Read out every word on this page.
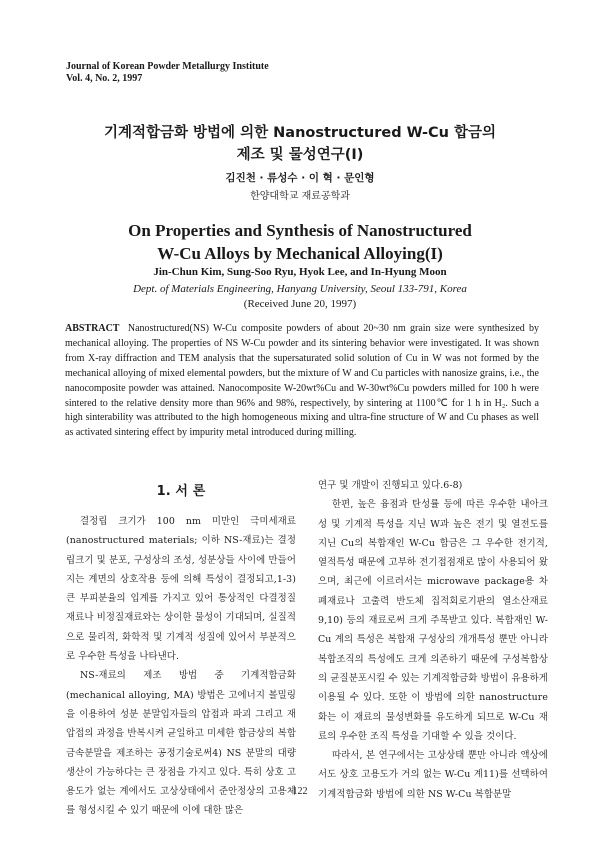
Journal of Korean Powder Metallurgy Institute
Vol. 4, No. 2, 1997
기계적합금화 방법에 의한 Nanostructured W-Cu 합금의
제조 및 물성연구(I)
김진천 · 류성수 · 이 혁 · 문인형
한양대학교 재료공학과
On Properties and Synthesis of Nanostructured
W-Cu Alloys by Mechanical Alloying(I)
Jin-Chun Kim, Sung-Soo Ryu, Hyok Lee, and In-Hyung Moon
Dept. of Materials Engineering, Hanyang University, Seoul 133-791, Korea
(Received June 20, 1997)
ABSTRACT Nanostructured(NS) W-Cu composite powders of about 20~30 nm grain size were synthesized by mechanical alloying. The properties of NS W-Cu powder and its sintering behavior were investigated. It was shown from X-ray diffraction and TEM analysis that the supersaturated solid solution of Cu in W was not formed by the mechanical alloying of mixed elemental powders, but the mixture of W and Cu particles with nanosize grains, i.e., the nanocomposite powder was attained. Nanocomposite W-20wt%Cu and W-30wt%Cu powders milled for 100 h were sintered to the relative density more than 96% and 98%, respectively, by sintering at 1100℃ for 1 h in H₂. Such a high sinterability was attributed to the high homogeneous mixing and ultra-fine structure of W and Cu phases as well as activated sintering effect by impurity metal introduced during milling.
1. 서 론

결정립 크기가 100 nm 미만인 극미세재료(nanostructured materials; 이하 NS-재료)는 결정립크기 및 분포, 구성상의 조성, 성분상들 사이에 만들어지는 계면의 상호작용 등에 의해 특성이 결정되고,1-3) 큰 부피분율의 입계를 가지고 있어 통상적인 다결정질 재료나 비정질재료와는 상이한 물성이 기대되며, 실질적으로 물리적, 화학적 및 기계적 성질에 있어서 부분적으로 우수한 특성을 나타낸다.

NS-재료의 제조 방법 중 기계적합금화(mechanical alloying, MA) 방법은 고에너지 볼밀링을 이용하여 성분 분말입자들의 압접과 파괴 그리고 재압접의 과정을 반복시켜 균일하고 미세한 합금상의 복합금속분말을 제조하는 공정기술로써4) NS 분말의 대량 생산이 가능하다는 큰 장점을 가지고 있다. 특히 상호 고용도가 없는 계에서도 고상상태에서 준안정상의 고용체를 형성시킬 수 있기 때문에 이에 대한 많은

연구 및 개발이 진행되고 있다.6-8)

한편, 높은 융점과 탄성률 등에 따른 우수한 내아크성 및 기계적 특성을 지닌 W과 높은 전기 및 열전도를 지닌 Cu의 복합재인 W-Cu 합금은 그 우수한 전기적, 열적특성 때문에 고부하 전기접점재로 많이 사용되어 왔으며, 최근에 이르러서는 microwave package용 차폐재료나 고출력 반도체 집적회로기판의 열소산재료9,10) 등의 재료로써 크게 주목받고 있다. 복합재인 W-Cu 계의 특성은 복합재 구성상의 개개특성 뿐만 아니라 복합조직의 특성에도 크게 의존하기 때문에 구성복합상의 균질분포시킬 수 있는 기계적합금화 방법이 유용하게 이용될 수 있다. 또한 이 방법에 의한 nanostructure화는 이 재료의 물성변화를 유도하게 되므로 W-Cu 재료의 우수한 조직 특성을 기대할 수 있을 것이다.

따라서, 본 연구에서는 고상상태 뿐만 아니라 액상에서도 상호 고용도가 거의 없는 W-Cu 계11)를 선택하여 기계적합금화 방법에 의한 NS W-Cu 복합분말

122
